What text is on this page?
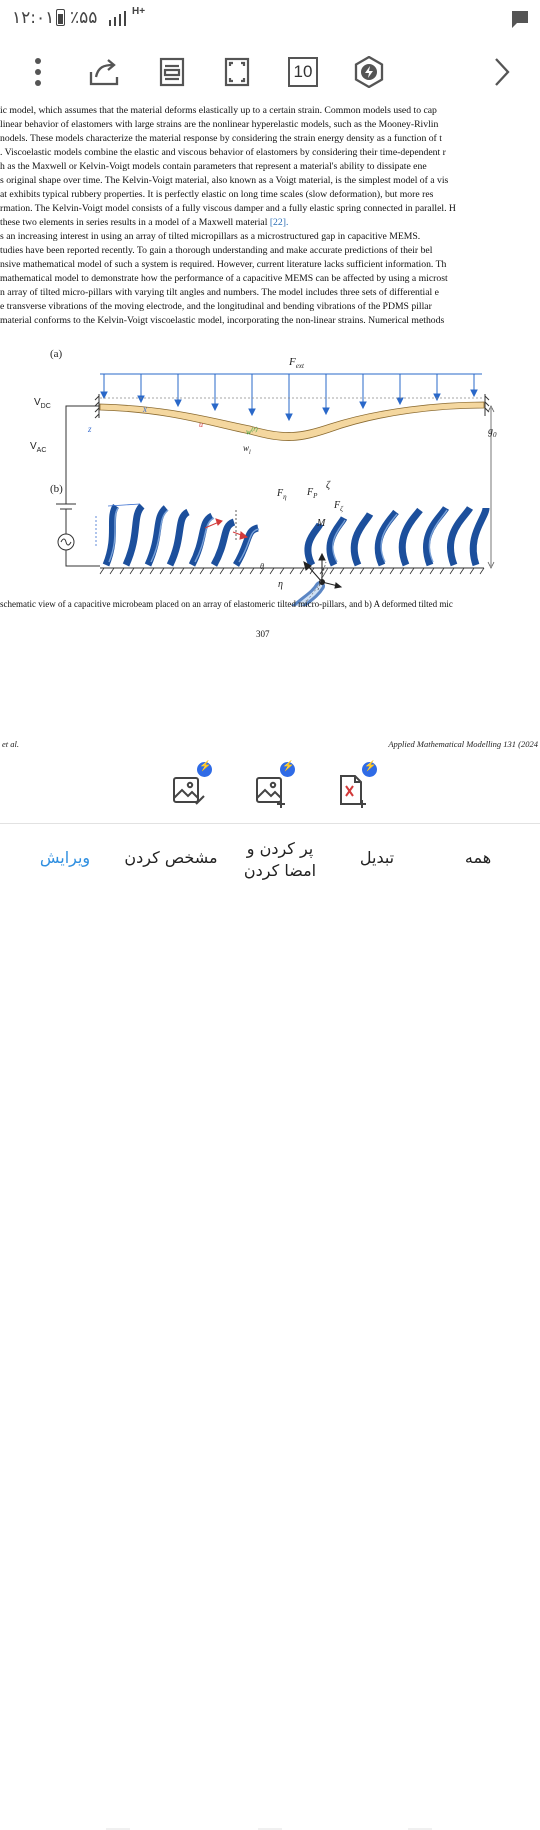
۱۲:۰۱ ٪۵۵	H+
10
ic model, which assumes that the material deforms elastically up to a certain strain. Common models used to cap
linear behavior of elastomers with large strains are the nonlinear hyperelastic models, such as the Mooney-Rivlin
nodels. These models characterize the material response by considering the strain energy density as a function of t
. Viscoelastic models combine the elastic and viscous behavior of elastomers by considering their time-dependent r
h as the Maxwell or Kelvin-Voigt models contain parameters that represent a material's ability to dissipate ene
s original shape over time. The Kelvin-Voigt material, also known as a Voigt material, is the simplest model of a vis
at exhibits typical rubbery properties. It is perfectly elastic on long time scales (slow deformation), but more res
rmation. The Kelvin-Voigt model consists of a fully viscous damper and a fully elastic spring connected in parallel. H
these two elements in series results in a model of a Maxwell material [22].
s an increasing interest in using an array of tilted micropillars as a microstructured gap in capacitive MEMS.
tudies have been reported recently. To gain a thorough understanding and make accurate predictions of their bel
nsive mathematical model of such a system is required. However, current literature lacks sufficient information. Th
mathematical model to demonstrate how the performance of a capacitive MEMS can be affected by using a microst
n array of tilted micro-pillars with varying tilt angles and numbers. The model includes three sets of differential e
e transverse vibrations of the moving electrode, and the longitudinal and bending vibrations of the PDMS pillar
material conforms to the Kelvin-Voigt viscoelastic model, incorporating the non-linear strains. Numerical methods
(a)
(b)
$F_{ext}$
$V_{DC}$
$V_{AC}$
x
z	$g_0$
u
$w^{(r)}$
$w_l$
$F_\eta$ $F_P$
ζ
$F_\zeta$
M
θ
η
schematic view of a capacitive microbeam placed on an array of elastomeric tilted micro-pillars, and b) A deformed tilted mic
307
et al.	Applied Mathematical Modelling 131 (2024
⚡
⚡
⚡
ویرایش مشخص کردن	پر کردن و
امضا کردن
تبدیل	همه
